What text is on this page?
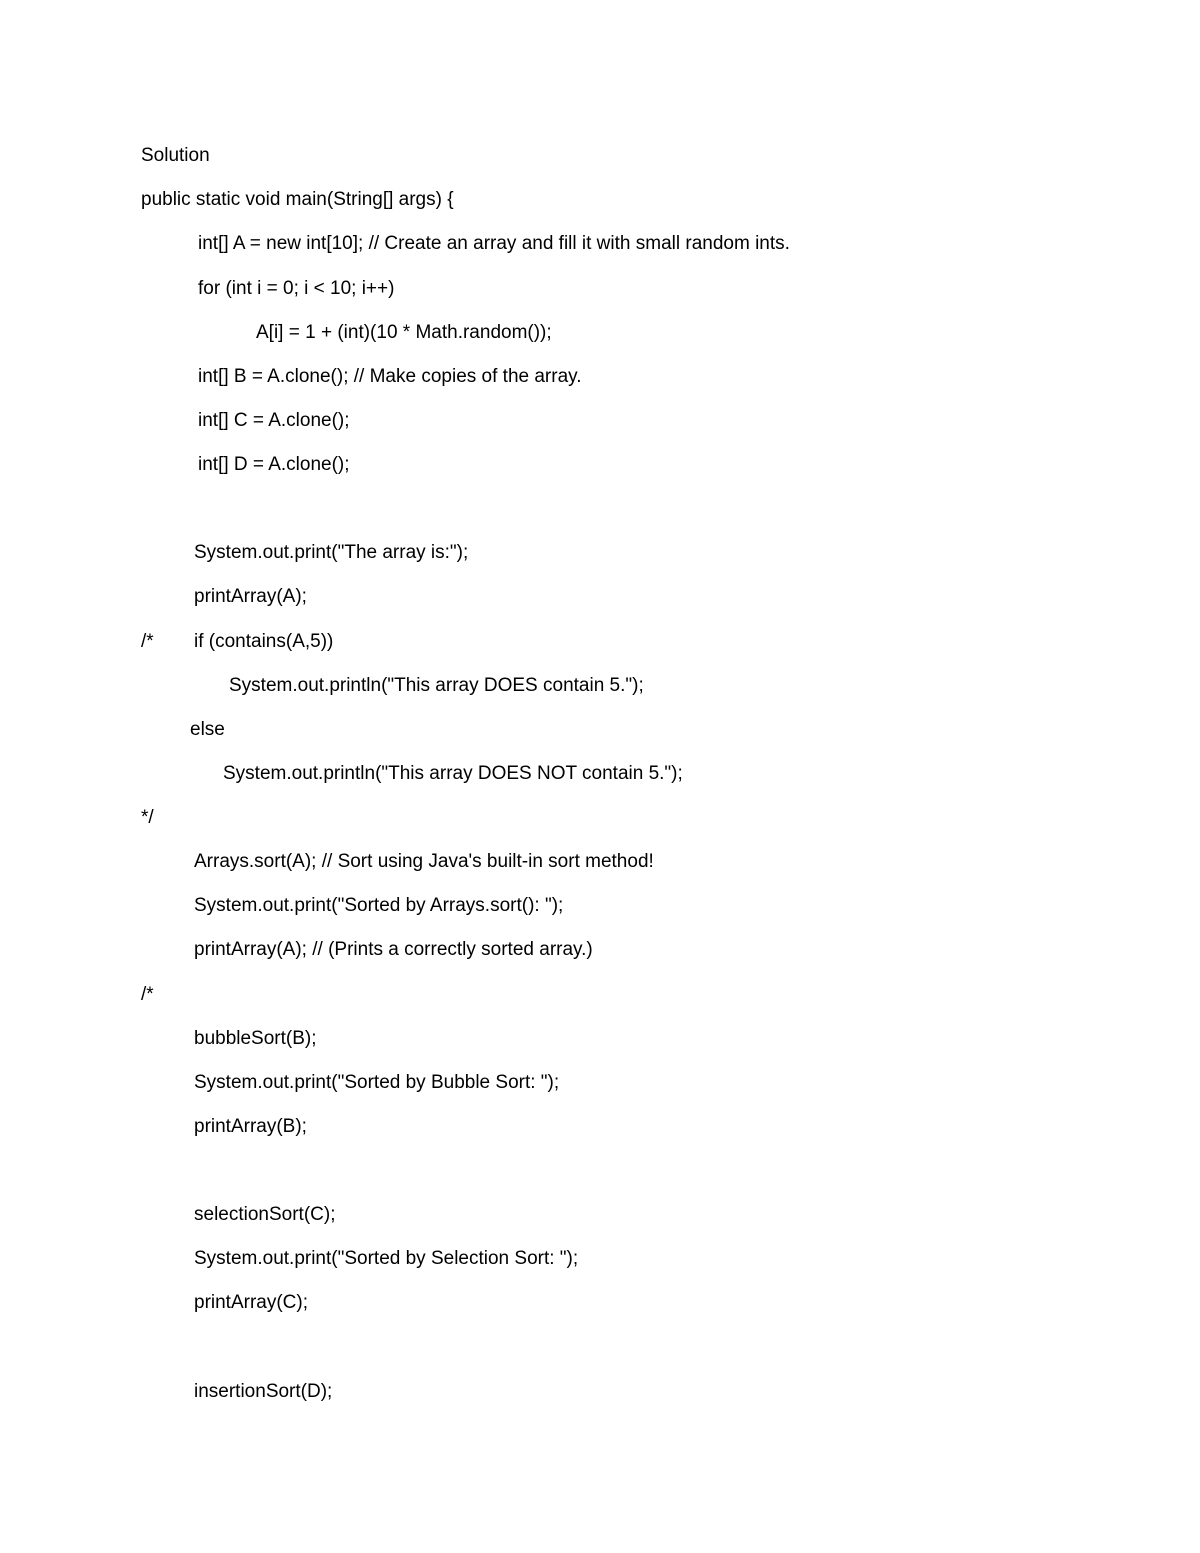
Solution
public static void main(String[] args) {
int[] A = new int[10]; // Create an array and fill it with small random ints.
for (int i = 0; i < 10; i++)
A[i] = 1 + (int)(10 * Math.random());
int[] B = A.clone(); // Make copies of the array.
int[] C = A.clone();
int[] D = A.clone();
System.out.print("The array is:");
printArray(A);
/* if (contains(A,5))
System.out.println("This array DOES contain 5.");
else
System.out.println("This array DOES NOT contain 5.");
*/
Arrays.sort(A); // Sort using Java's built-in sort method!
System.out.print("Sorted by Arrays.sort(): ");
printArray(A); // (Prints a correctly sorted array.)
/*
bubbleSort(B);
System.out.print("Sorted by Bubble Sort: ");
printArray(B);
selectionSort(C);
System.out.print("Sorted by Selection Sort: ");
printArray(C);
insertionSort(D);
